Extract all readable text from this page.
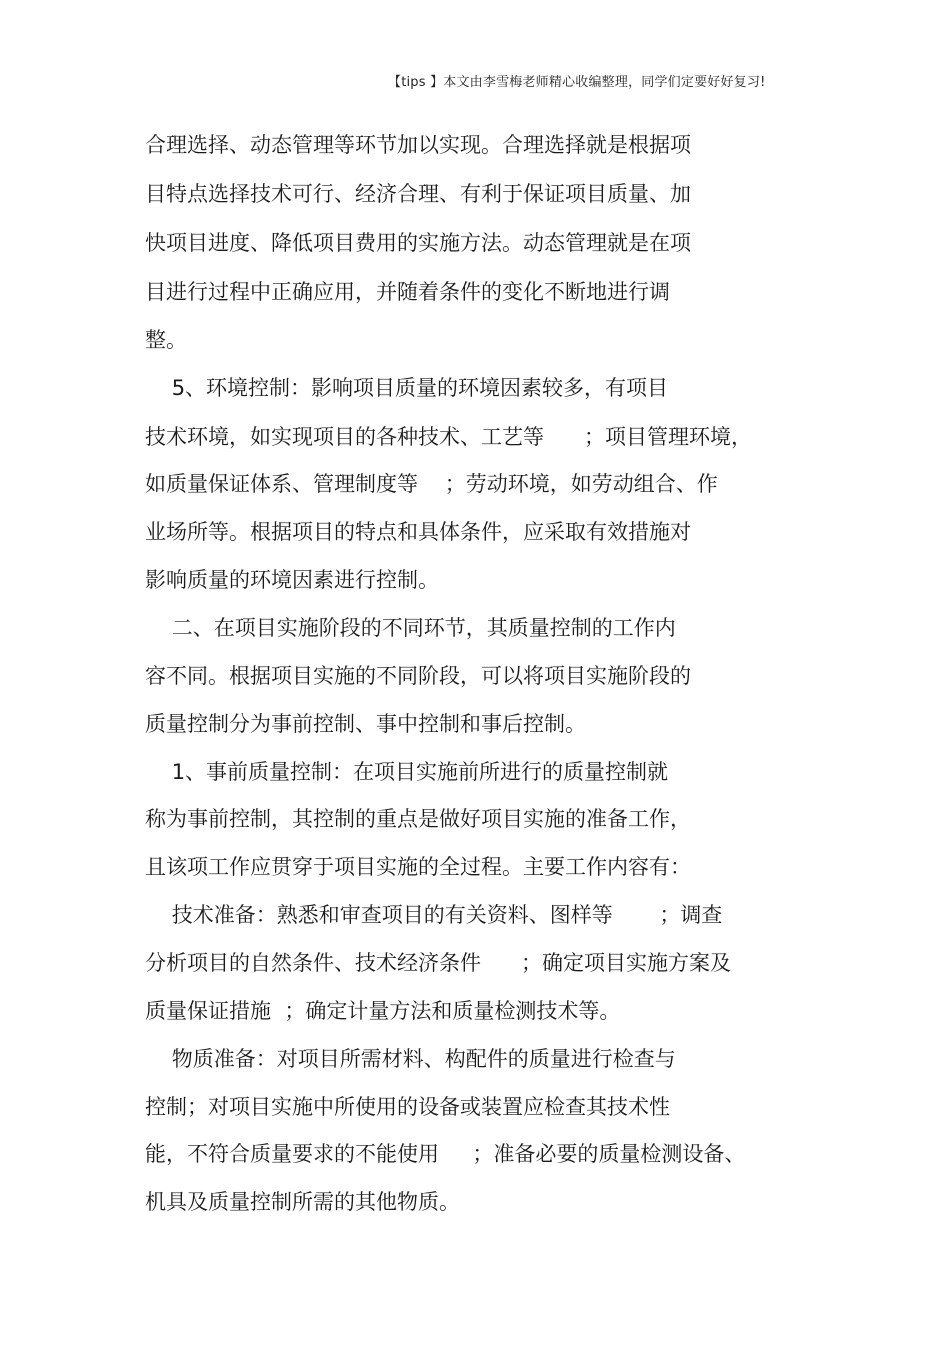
【tips 】本文由李雪梅老师精心收编整理，同学们定要好好复习!
合理选择、动态管理等环节加以实现。合理选择就是根据项
目特点选择技术可行、经济合理、有利于保证项目质量、加
快项目进度、降低项目费用的实施方法。动态管理就是在项
目进行过程中正确应用，并随着条件的变化不断地进行调
整。
5、环境控制：影响项目质量的环境因素较多，有项目
技术环境，如实现项目的各种技术、工艺等      ；项目管理环境，
如质量保证体系、管理制度等    ；劳动环境，如劳动组合、作
业场所等。根据项目的特点和具体条件，应采取有效措施对
影响质量的环境因素进行控制。
二、在项目实施阶段的不同环节，其质量控制的工作内
容不同。根据项目实施的不同阶段，可以将项目实施阶段的
质量控制分为事前控制、事中控制和事后控制。
1、事前质量控制：在项目实施前所进行的质量控制就
称为事前控制，其控制的重点是做好项目实施的准备工作，
且该项工作应贯穿于项目实施的全过程。主要工作内容有：
技术准备：熟悉和审查项目的有关资料、图样等       ；调查
分析项目的自然条件、技术经济条件      ；确定项目实施方案及
质量保证措施  ；确定计量方法和质量检测技术等。
物质准备：对项目所需材料、构配件的质量进行检查与
控制；对项目实施中所使用的设备或装置应检查其技术性
能，不符合质量要求的不能使用     ；准备必要的质量检测设备、
机具及质量控制所需的其他物质。
